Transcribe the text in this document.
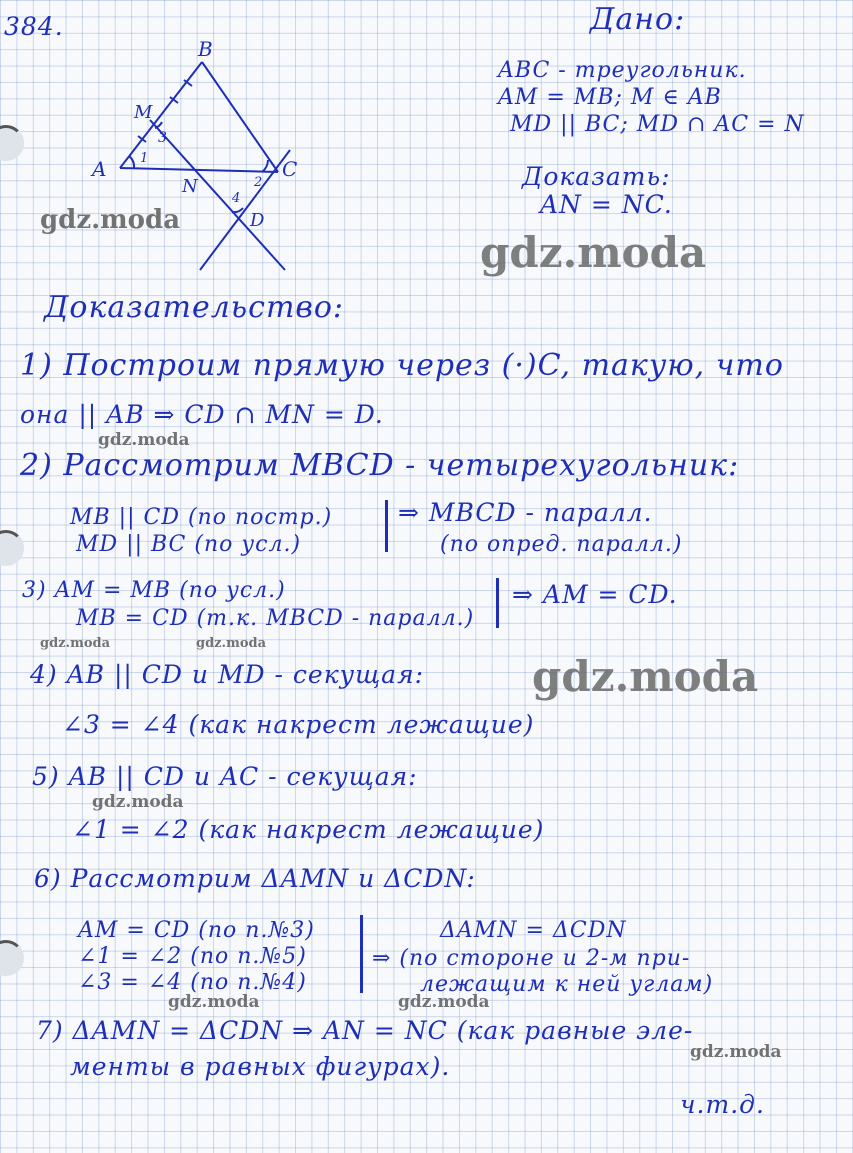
384.	Дано:
ABC - треугольник.
AM = MB; M ∈ AB
MD || BC; MD ∩ AC = N
Доказать:
AN = NC.
A
B
C
M
N
D
1
2
3
4
Доказательство:
1) Построим прямую через (·)C, такую, что
она || AB ⇒ CD ∩ MN = D.
2) Рассмотрим MBCD - четырехугольник:
MB || CD (по постр.)
MD || BC (по усл.)
⇒ MBCD - паралл.
(по опред. паралл.)
3) AM = MB (по усл.)
MB = CD (т.к. MBCD - паралл.)
⇒ AM = CD.
4) AB || CD и MD - секущая:
∠3 = ∠4 (как накрест лежащие)
5) AB || CD и AC - секущая:
∠1 = ∠2 (как накрест лежащие)
6) Рассмотрим ΔAMN и ΔCDN:
AM = CD (по п.№3)
∠1 = ∠2 (по п.№5)
∠3 = ∠4 (по п.№4)
ΔAMN = ΔCDN
⇒ (по стороне и 2-м при-
лежащим к ней углам)
7) ΔAMN = ΔCDN ⇒ AN = NC (как равные эле-
менты в равных фигурах).
ч.т.д.
gdz.moda
gdz.moda
gdz.moda
gdz.moda	gdz.moda
gdz.moda
gdz.moda
gdz.moda	gdz.moda
gdz.moda
